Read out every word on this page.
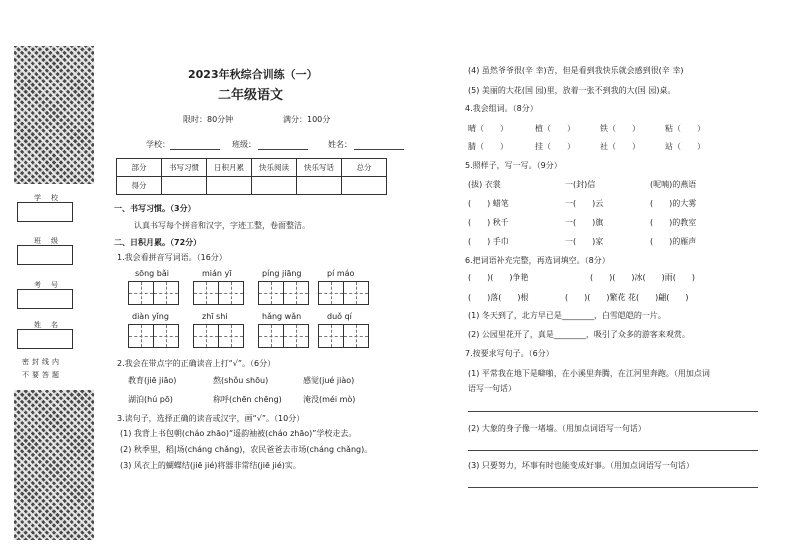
学校
班级
考号
姓名
密封线内
不要答题
2023年秋综合训练（一）
二年级语文
限时：80分钟	满分：100分
学校：	班级：	姓名：
部分	书写习惯	日积月累	快乐阅读	快乐写话	总分
得分					
一、书写习惯。（3分）
认真书写每个拼音和汉字，字迹工整，卷面整洁。
二、日积月累。（72分）
1.我会看拼音写词语。（16分）
sōng bǎi	mián yī	píng jiāng	pí máo
diàn yǐng	zhī shi	hǎng wǎn	duǒ qí
2.我会在带点字的正确读音上打“√”。（6分）
教育(jiē jiāo)	熬(shǒu shōu)	感觉(jué jiào)
湖泊(hú pō)	称呼(chēn chēng)	淹没(méi mò)
3.读句子，选择正确的读音或汉字，画“√”。（10分）
(1) 我背上书包朝(cháo zhāo)“遥韵袖被(cháo zhāo)”学校走去。
(2) 秋季里，稻|场(cháng chǎng)，农民爸爸去市场(cháng chǎng)。
(3) 风衣上的蝴蝶结(jiē jié)将器非常结(jiē jié)实。
(4) 虽然爷爷很(辛 幸)苦，但是看到我快乐就会感到很(辛 幸)
(5) 美丽的大花(国 园)里，放着一张不到我的大(国 园)桌。
4.我会组词。（8分）
晴（　　）	植（　　）	铁（　　）	粘（　　）
腈（　　）	挂（　　）	社（　　）	站（　　）
5.照样子，写一写。（9分）
(拔) 衣裳	一(封)信	(呢喃)的燕语
(　　) 蜡笔	一(　　)云	(　　)的大雾
(　　) 秋千	一(　　)旗	(　　)的教室
(　　) 手巾	一(　　)家	(　　)的雁声
6.把词语补充完整，再选词填空。（8分）
(　　)(　　)争艳	(　　)(　　)冰(　　)雨(　　)
(　　)落(　　)根	(　　)(　　)繁花 花(　　)翩(　　)
(1) 冬天到了，北方早已是________，白雪皑皑的一片。
(2) 公园里花开了，真是________，吸引了众多的游客来观赏。
7.按要求写句子。（6分）
(1) 平常我在地下是噼啪，在小溪里奔腾，在江河里奔跑。（用加点词
语写一句话）
(2) 大象的身子像一堵墙。（用加点词语写一句话）
(3) 只要努力，坏事有时也能变成好事。（用加点词语写一句话）
